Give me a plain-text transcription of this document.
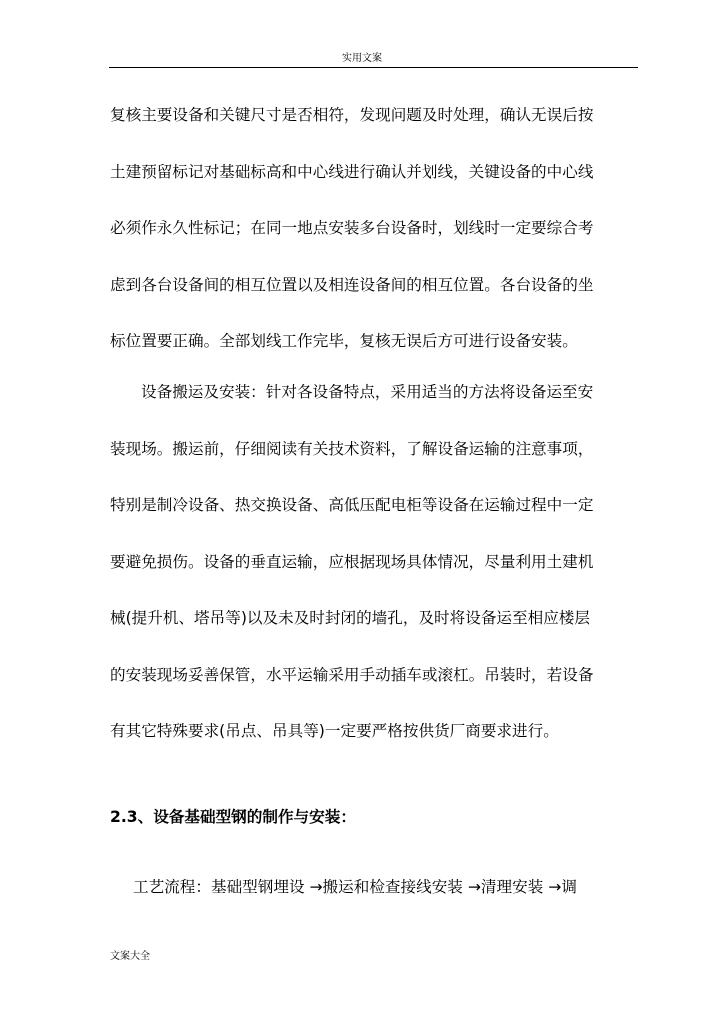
实用文案
复核主要设备和关键尺寸是否相符，发现问题及时处理，确认无误后按
土建预留标记对基础标高和中心线进行确认并划线，关键设备的中心线
必须作永久性标记；在同一地点安装多台设备时，划线时一定要综合考
虑到各台设备间的相互位置以及相连设备间的相互位置。各台设备的坐
标位置要正确。全部划线工作完毕，复核无误后方可进行设备安装。
设备搬运及安装：针对各设备特点，采用适当的方法将设备运至安
装现场。搬运前，仔细阅读有关技术资料，了解设备运输的注意事项，
特别是制冷设备、热交换设备、高低压配电柜等设备在运输过程中一定
要避免损伤。设备的垂直运输，应根据现场具体情况，尽量利用土建机
械(提升机、塔吊等)以及未及时封闭的墙孔，及时将设备运至相应楼层
的安装现场妥善保管，水平运输采用手动插车或滚杠。吊装时，若设备
有其它特殊要求(吊点、吊具等)一定要严格按供货厂商要求进行。
2.3、设备基础型钢的制作与安装：
工艺流程：基础型钢埋设 →搬运和检查接线安装 →清理安装 →调
文案大全
